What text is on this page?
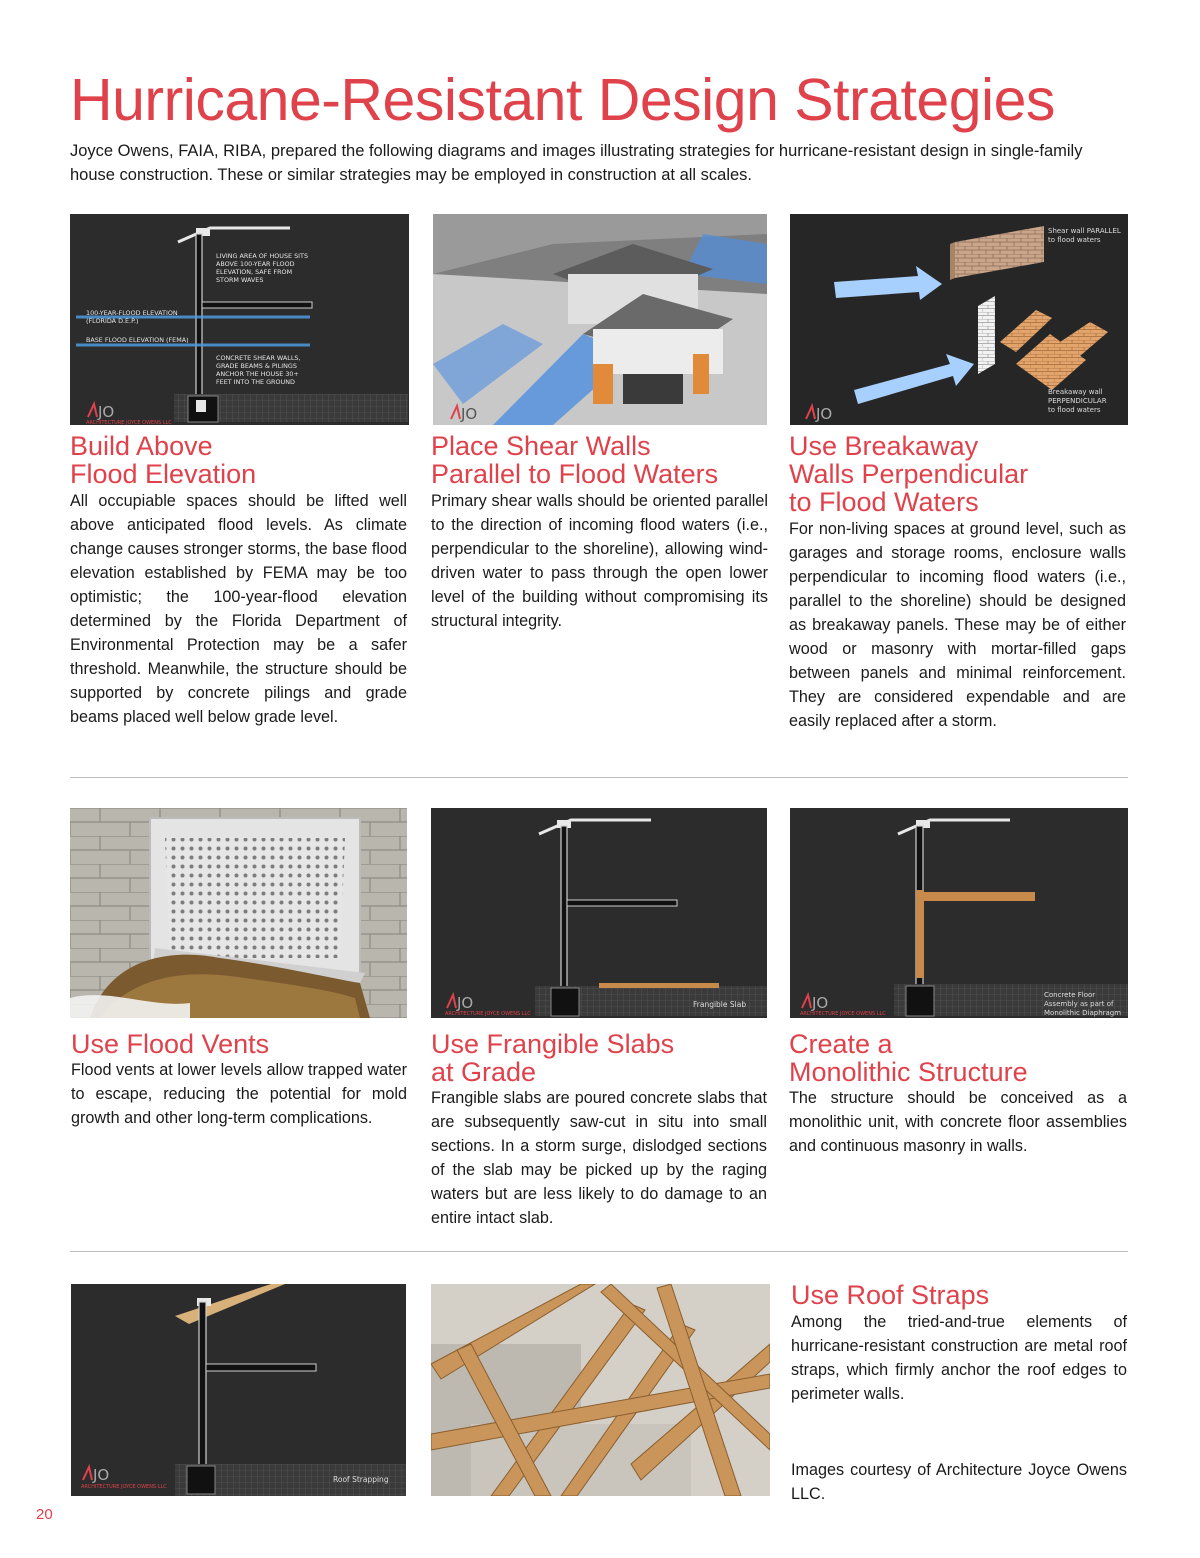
Hurricane-Resistant Design Strategies

Joyce Owens, FAIA, RIBA, prepared the following diagrams and images illustrating strategies for hurricane-resistant design in single-family house construction. These or similar strategies may be employed in construction at all scales.

LIVING AREA OF HOUSE SITS
ABOVE 100-YEAR FLOOD
ELEVATION, SAFE FROM
STORM WAVES
100-YEAR-FLOOD ELEVATION
(FLORIDA D.E.P.)
BASE FLOOD ELEVATION (FEMA)
CONCRETE SHEAR WALLS,
GRADE BEAMS & PILINGS
ANCHOR THE HOUSE 30+
FEET INTO THE GROUND
JO
ARCHITECTURE JOYCE OWENS LLC	JO
Shear wall PARALLEL
to flood waters
Breakaway wall
PERPENDICULAR
to flood waters
JO
Build Above
Flood Elevation

All occupiable spaces should be lifted well above anticipated flood levels. As climate change causes stronger storms, the base flood elevation established by FEMA may be too optimistic; the 100-year-flood elevation determined by the Florida Department of Environmental Protection may be a safer threshold. Meanwhile, the structure should be supported by concrete pilings and grade beams placed well below grade level.

Place Shear Walls
Parallel to Flood Waters

Primary shear walls should be oriented parallel to the direction of incoming flood waters (i.e., perpendicular to the shoreline), allowing wind-driven water to pass through the open lower level of the building without compromising its structural integrity.

Use Breakaway
Walls Perpendicular
to Flood Waters

For non-living spaces at ground level, such as garages and storage rooms, enclosure walls perpendicular to incoming flood waters (i.e., parallel to the shoreline) should be designed as breakaway panels. These may be of either wood or masonry with mortar-filled gaps between panels and minimal reinforcement. They are considered expendable and are easily replaced after a storm.

Frangible Slab
JO
ARCHITECTURE JOYCE OWENS LLC
Concrete Floor
Assembly as part of
Monolithic Diaphragm
JO
ARCHITECTURE JOYCE OWENS LLC
Use Flood Vents

Flood vents at lower levels allow trapped water to escape, reducing the potential for mold growth and other long-term complications.

Use Frangible Slabs
at Grade

Frangible slabs are poured concrete slabs that are subsequently saw-cut in situ into small sections. In a storm surge, dislodged sections of the slab may be picked up by the raging waters but are less likely to do damage to an entire intact slab.

Create a
Monolithic Structure

The structure should be conceived as a monolithic unit, with concrete floor assemblies and continuous masonry in walls.

Roof Strapping
JO
ARCHITECTURE JOYCE OWENS LLC
Use Roof Straps

Among the tried-and-true elements of hurricane-resistant construction are metal roof straps, which firmly anchor the roof edges to perimeter walls.

Images courtesy of Architecture Joyce Owens LLC.

20
